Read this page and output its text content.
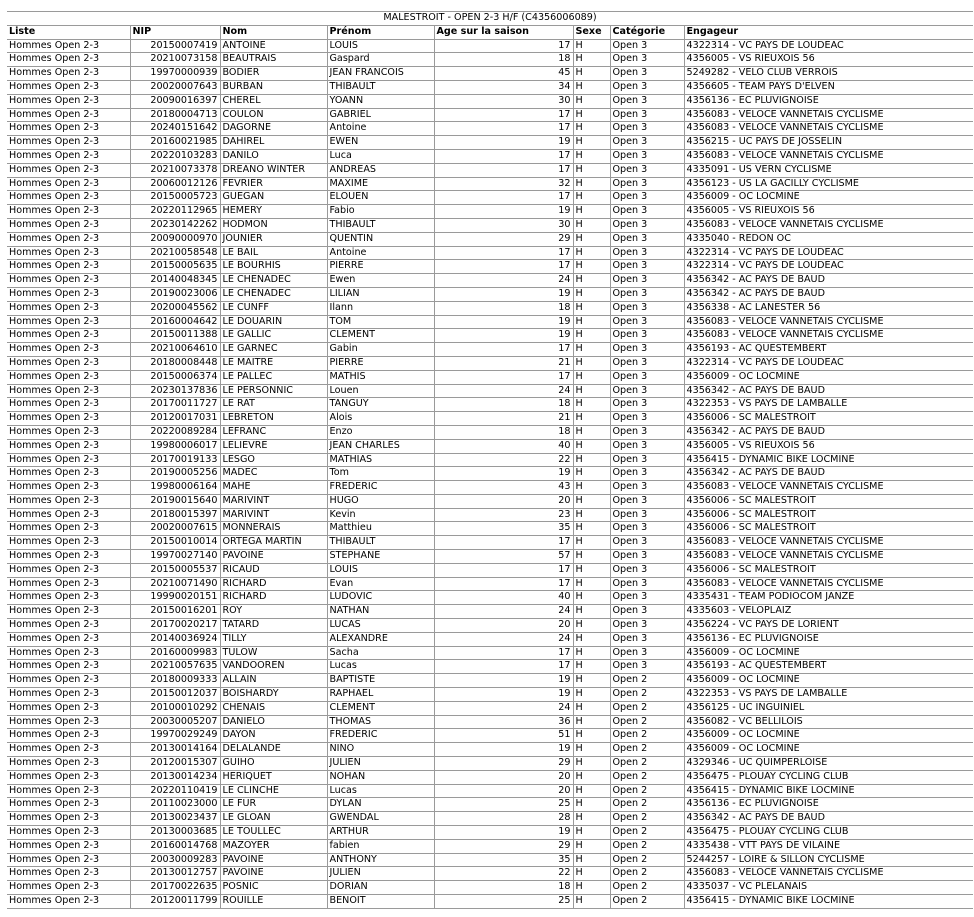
MALESTROIT - OPEN 2-3 H/F (C4356006089)							
Liste	NIP	Nom	Prénom	Age sur la saison	Sexe	Catégorie	Engageur
Hommes Open 2-3	20150007419	ANTOINE	LOUIS	17	H	Open 3	4322314 - VC PAYS DE LOUDEAC
Hommes Open 2-3	20210073158	BEAUTRAIS	Gaspard	18	H	Open 3	4356005 - VS RIEUXOIS 56
Hommes Open 2-3	19970000939	BODIER	JEAN FRANCOIS	45	H	Open 3	5249282 - VELO CLUB VERROIS
Hommes Open 2-3	20020007643	BURBAN	THIBAULT	34	H	Open 3	4356605 - TEAM PAYS D'ELVEN
Hommes Open 2-3	20090016397	CHEREL	YOANN	30	H	Open 3	4356136 - EC PLUVIGNOISE
Hommes Open 2-3	20180004713	COULON	GABRIEL	17	H	Open 3	4356083 - VELOCE VANNETAIS CYCLISME
Hommes Open 2-3	20240151642	DAGORNE	Antoine	17	H	Open 3	4356083 - VELOCE VANNETAIS CYCLISME
Hommes Open 2-3	20160021985	DAHIREL	EWEN	19	H	Open 3	4356215 - UC PAYS DE JOSSELIN
Hommes Open 2-3	20220103283	DANILO	Luca	17	H	Open 3	4356083 - VELOCE VANNETAIS CYCLISME
Hommes Open 2-3	20210073378	DREANO WINTER	ANDREAS	17	H	Open 3	4335091 - US VERN CYCLISME
Hommes Open 2-3	20060012126	FEVRIER	MAXIME	32	H	Open 3	4356123 - US LA GACILLY CYCLISME
Hommes Open 2-3	20150005723	GUEGAN	ELOUEN	17	H	Open 3	4356009 - OC LOCMINE
Hommes Open 2-3	20220112965	HEMERY	Fabio	19	H	Open 3	4356005 - VS RIEUXOIS 56
Hommes Open 2-3	20230142262	HODMON	THIBAULT	30	H	Open 3	4356083 - VELOCE VANNETAIS CYCLISME
Hommes Open 2-3	20090000970	JOUNIER	QUENTIN	29	H	Open 3	4335040 - REDON OC
Hommes Open 2-3	20210058548	LE BAIL	Antoine	17	H	Open 3	4322314 - VC PAYS DE LOUDEAC
Hommes Open 2-3	20150005635	LE BOURHIS	PIERRE	17	H	Open 3	4322314 - VC PAYS DE LOUDEAC
Hommes Open 2-3	20140048345	LE CHENADEC	Ewen	24	H	Open 3	4356342 - AC PAYS DE BAUD
Hommes Open 2-3	20190023006	LE CHENADEC	LILIAN	19	H	Open 3	4356342 - AC PAYS DE BAUD
Hommes Open 2-3	20200045562	LE CUNFF	Ilann	18	H	Open 3	4356338 - AC LANESTER 56
Hommes Open 2-3	20160004642	LE DOUARIN	TOM	19	H	Open 3	4356083 - VELOCE VANNETAIS CYCLISME
Hommes Open 2-3	20150011388	LE GALLIC	CLEMENT	19	H	Open 3	4356083 - VELOCE VANNETAIS CYCLISME
Hommes Open 2-3	20210064610	LE GARNEC	Gabin	17	H	Open 3	4356193 - AC QUESTEMBERT
Hommes Open 2-3	20180008448	LE MAITRE	PIERRE	21	H	Open 3	4322314 - VC PAYS DE LOUDEAC
Hommes Open 2-3	20150006374	LE PALLEC	MATHIS	17	H	Open 3	4356009 - OC LOCMINE
Hommes Open 2-3	20230137836	LE PERSONNIC	Louen	24	H	Open 3	4356342 - AC PAYS DE BAUD
Hommes Open 2-3	20170011727	LE RAT	TANGUY	18	H	Open 3	4322353 - VS PAYS DE LAMBALLE
Hommes Open 2-3	20120017031	LEBRETON	Alois	21	H	Open 3	4356006 - SC MALESTROIT
Hommes Open 2-3	20220089284	LEFRANC	Enzo	18	H	Open 3	4356342 - AC PAYS DE BAUD
Hommes Open 2-3	19980006017	LELIEVRE	JEAN CHARLES	40	H	Open 3	4356005 - VS RIEUXOIS 56
Hommes Open 2-3	20170019133	LESGO	MATHIAS	22	H	Open 3	4356415 - DYNAMIC BIKE LOCMINE
Hommes Open 2-3	20190005256	MADEC	Tom	19	H	Open 3	4356342 - AC PAYS DE BAUD
Hommes Open 2-3	19980006164	MAHE	FREDERIC	43	H	Open 3	4356083 - VELOCE VANNETAIS CYCLISME
Hommes Open 2-3	20190015640	MARIVINT	HUGO	20	H	Open 3	4356006 - SC MALESTROIT
Hommes Open 2-3	20180015397	MARIVINT	Kevin	23	H	Open 3	4356006 - SC MALESTROIT
Hommes Open 2-3	20020007615	MONNERAIS	Matthieu	35	H	Open 3	4356006 - SC MALESTROIT
Hommes Open 2-3	20150010014	ORTEGA MARTIN	THIBAULT	17	H	Open 3	4356083 - VELOCE VANNETAIS CYCLISME
Hommes Open 2-3	19970027140	PAVOINE	STEPHANE	57	H	Open 3	4356083 - VELOCE VANNETAIS CYCLISME
Hommes Open 2-3	20150005537	RICAUD	LOUIS	17	H	Open 3	4356006 - SC MALESTROIT
Hommes Open 2-3	20210071490	RICHARD	Evan	17	H	Open 3	4356083 - VELOCE VANNETAIS CYCLISME
Hommes Open 2-3	19990020151	RICHARD	LUDOVIC	40	H	Open 3	4335431 - TEAM PODIOCOM JANZE
Hommes Open 2-3	20150016201	ROY	NATHAN	24	H	Open 3	4335603 - VELOPLAIZ
Hommes Open 2-3	20170020217	TATARD	LUCAS	20	H	Open 3	4356224 - VC PAYS DE LORIENT
Hommes Open 2-3	20140036924	TILLY	ALEXANDRE	24	H	Open 3	4356136 - EC PLUVIGNOISE
Hommes Open 2-3	20160009983	TULOW	Sacha	17	H	Open 3	4356009 - OC LOCMINE
Hommes Open 2-3	20210057635	VANDOOREN	Lucas	17	H	Open 3	4356193 - AC QUESTEMBERT
Hommes Open 2-3	20180009333	ALLAIN	BAPTISTE	19	H	Open 2	4356009 - OC LOCMINE
Hommes Open 2-3	20150012037	BOISHARDY	RAPHAEL	19	H	Open 2	4322353 - VS PAYS DE LAMBALLE
Hommes Open 2-3	20100010292	CHENAIS	CLEMENT	24	H	Open 2	4356125 - UC INGUINIEL
Hommes Open 2-3	20030005207	DANIELO	THOMAS	36	H	Open 2	4356082 - VC BELLILOIS
Hommes Open 2-3	19970029249	DAYON	FREDERIC	51	H	Open 2	4356009 - OC LOCMINE
Hommes Open 2-3	20130014164	DELALANDE	NINO	19	H	Open 2	4356009 - OC LOCMINE
Hommes Open 2-3	20120015307	GUIHO	JULIEN	29	H	Open 2	4329346 - UC QUIMPERLOISE
Hommes Open 2-3	20130014234	HERIQUET	NOHAN	20	H	Open 2	4356475 - PLOUAY CYCLING CLUB
Hommes Open 2-3	20220110419	LE CLINCHE	Lucas	20	H	Open 2	4356415 - DYNAMIC BIKE LOCMINE
Hommes Open 2-3	20110023000	LE FUR	DYLAN	25	H	Open 2	4356136 - EC PLUVIGNOISE
Hommes Open 2-3	20130023437	LE GLOAN	GWENDAL	28	H	Open 2	4356342 - AC PAYS DE BAUD
Hommes Open 2-3	20130003685	LE TOULLEC	ARTHUR	19	H	Open 2	4356475 - PLOUAY CYCLING CLUB
Hommes Open 2-3	20160014768	MAZOYER	fabien	29	H	Open 2	4335438 - VTT PAYS DE VILAINE
Hommes Open 2-3	20030009283	PAVOINE	ANTHONY	35	H	Open 2	5244257 - LOIRE & SILLON CYCLISME
Hommes Open 2-3	20130012757	PAVOINE	JULIEN	22	H	Open 2	4356083 - VELOCE VANNETAIS CYCLISME
Hommes Open 2-3	20170022635	POSNIC	DORIAN	18	H	Open 2	4335037 - VC PLELANAIS
Hommes Open 2-3	20120011799	ROUILLE	BENOIT	25	H	Open 2	4356415 - DYNAMIC BIKE LOCMINE
